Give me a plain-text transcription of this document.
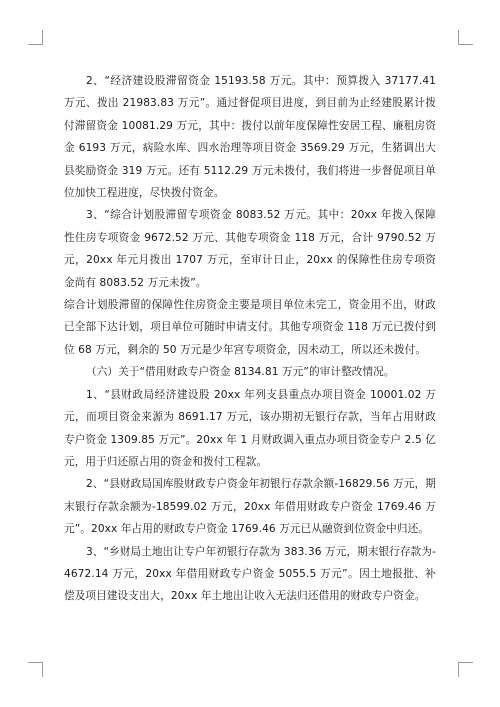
2、“经济建设股滞留资金 15193.58 万元。其中：预算拨入 37177.41 万元、拨出 21983.83 万元”。通过督促项目进度，到目前为止经建股累计拨付滞留资金 10081.29 万元，其中：拨付以前年度保障性安居工程、廉租房资金 6193 万元，病险水库、四水治理等项目资金 3569.29 万元，生猪调出大县奖励资金 319 万元。还有 5112.29 万元未拨付，我们将进一步督促项目单位加快工程进度，尽快拨付资金。

3、“综合计划股滞留专项资金 8083.52 万元。其中：20xx 年拨入保障性住房专项资金 9672.52 万元、其他专项资金 118 万元，合计 9790.52 万元，20xx 年元月拨出 1707 万元，至审计日止，20xx 的保障性住房专项资金尚有 8083.52 万元未拨”。

综合计划股滞留的保障性住房资金主要是项目单位未完工，资金用不出，财政已全部下达计划，项目单位可随时申请支付。其他专项资金 118 万元已拨付到位 68 万元，剩余的 50 万元是少年宫专项资金，因未动工，所以还未拨付。

（六）关于“借用财政专户资金 8134.81 万元”的审计整改情况。

1、“县财政局经济建设股 20xx 年列支县重点办项目资金 10001.02 万元，而项目资金来源为 8691.17 万元，该办期初无银行存款，当年占用财政专户资金 1309.85 万元”。20xx 年 1 月财政调入重点办项目资金专户 2.5 亿元，用于归还原占用的资金和拨付工程款。

2、“县财政局国库股财政专户资金年初银行存款余额-16829.56 万元，期末银行存款余额为-18599.02 万元，20xx 年借用财政专户资金 1769.46 万元”。20xx 年占用的财政专户资金 1769.46 万元已从融资到位资金中归还。

3、“乡财局土地出让专户年初银行存款为 383.36 万元，期末银行存款为-4672.14 万元，20xx 年借用财政专户资金 5055.5 万元”。因土地报批、补偿及项目建设支出大，20xx 年土地出让收入无法归还借用的财政专户资金。
